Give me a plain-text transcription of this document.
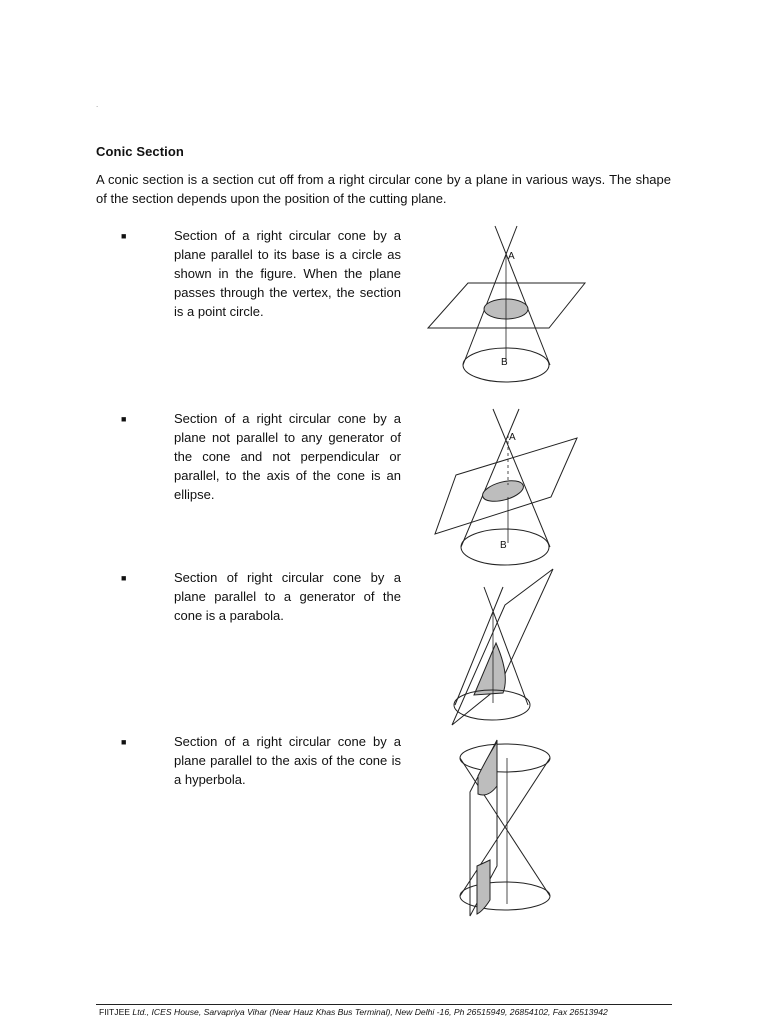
.
Conic Section

A conic section is a section cut off from a right circular cone by a plane in various ways. The shape of the section depends upon the position of the cutting plane.

■	Section of a right circular cone by a plane parallel to its base is a circle as shown in the figure. When the plane passes through the vertex, the section is a point circle.

A
B
■	Section of a right circular cone by a plane not parallel to any generator of the cone and not perpendicular or parallel, to the axis of the cone is an ellipse.

A
B
■	Section of right circular cone by a plane parallel to a generator of the cone is a parabola.

■	Section of a right circular cone by a plane parallel to the axis of the cone is a hyperbola.

FIITJEE Ltd., ICES House, Sarvapriya Vihar (Near Hauz Khas Bus Terminal), New Delhi -16, Ph 26515949, 26854102, Fax 26513942
